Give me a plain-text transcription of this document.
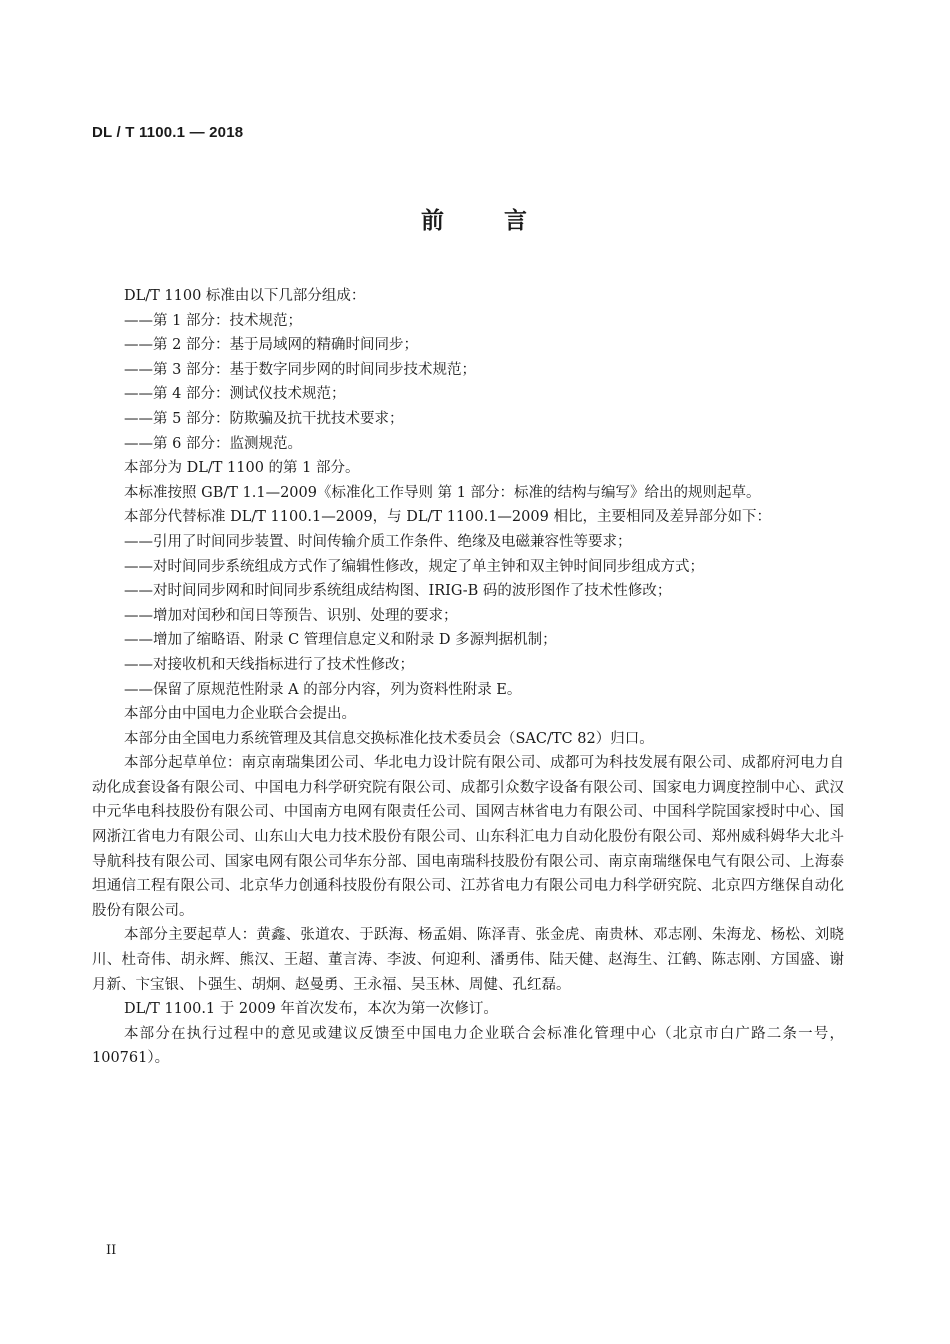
DL / T 1100.1 — 2018
前	言

DL/T 1100 标准由以下几部分组成：

——第 1 部分：技术规范；

——第 2 部分：基于局域网的精确时间同步；

——第 3 部分：基于数字同步网的时间同步技术规范；

——第 4 部分：测试仪技术规范；

——第 5 部分：防欺骗及抗干扰技术要求；

——第 6 部分：监测规范。

本部分为 DL/T 1100 的第 1 部分。

本标准按照 GB/T 1.1—2009《标准化工作导则 第 1 部分：标准的结构与编写》给出的规则起草。

本部分代替标准 DL/T 1100.1—2009，与 DL/T 1100.1—2009 相比，主要相同及差异部分如下：

——引用了时间同步装置、时间传输介质工作条件、绝缘及电磁兼容性等要求；

——对时间同步系统组成方式作了编辑性修改，规定了单主钟和双主钟时间同步组成方式；

——对时间同步网和时间同步系统组成结构图、IRIG-B 码的波形图作了技术性修改；

——增加对闰秒和闰日等预告、识别、处理的要求；

——增加了缩略语、附录 C 管理信息定义和附录 D 多源判据机制；

——对接收机和天线指标进行了技术性修改；

——保留了原规范性附录 A 的部分内容，列为资料性附录 E。

本部分由中国电力企业联合会提出。

本部分由全国电力系统管理及其信息交换标准化技术委员会（SAC/TC 82）归口。

本部分起草单位：南京南瑞集团公司、华北电力设计院有限公司、成都可为科技发展有限公司、成都府河电力自动化成套设备有限公司、中国电力科学研究院有限公司、成都引众数字设备有限公司、国家电力调度控制中心、武汉中元华电科技股份有限公司、中国南方电网有限责任公司、国网吉林省电力有限公司、中国科学院国家授时中心、国网浙江省电力有限公司、山东山大电力技术股份有限公司、山东科汇电力自动化股份有限公司、郑州威科姆华大北斗导航科技有限公司、国家电网有限公司华东分部、国电南瑞科技股份有限公司、南京南瑞继保电气有限公司、上海泰坦通信工程有限公司、北京华力创通科技股份有限公司、江苏省电力有限公司电力科学研究院、北京四方继保自动化股份有限公司。

本部分主要起草人：黄鑫、张道农、于跃海、杨孟娟、陈泽青、张金虎、南贵林、邓志刚、朱海龙、杨松、刘晓川、杜奇伟、胡永辉、熊汉、王超、董言涛、李波、何迎利、潘勇伟、陆天健、赵海生、江鹤、陈志刚、方国盛、谢月新、卞宝银、卜强生、胡炯、赵曼勇、王永福、吴玉林、周健、孔红磊。

DL/T 1100.1 于 2009 年首次发布，本次为第一次修订。

本部分在执行过程中的意见或建议反馈至中国电力企业联合会标准化管理中心（北京市白广路二条一号，100761）。

II
